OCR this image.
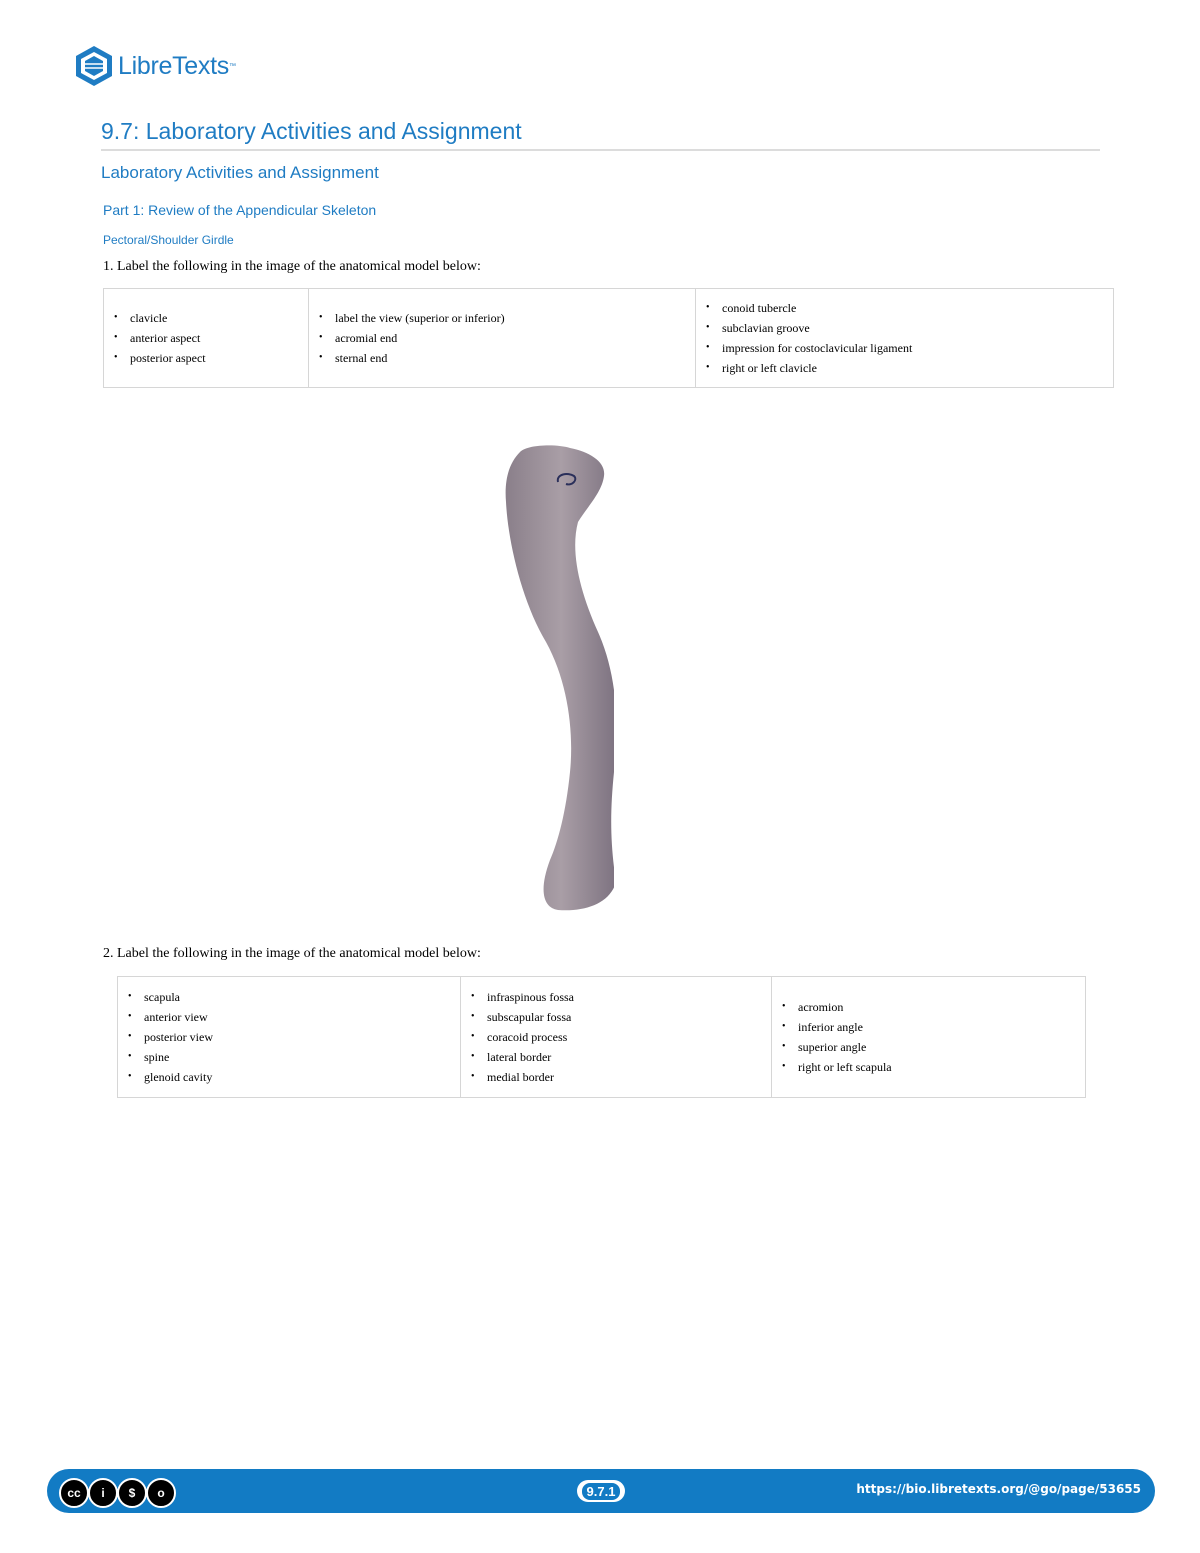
LibreTexts ™
9.7: Laboratory Activities and Assignment
Laboratory Activities and Assignment
Part 1: Review of the Appendicular Skeleton
Pectoral/Shoulder Girdle

1. Label the following in the image of the anatomical model below:

• clavicle
• anterior aspect
• posterior aspect

• label the view (superior or inferior)
• acromial end
• sternal end

• conoid tubercle
• subclavian groove
• impression for costoclavicular ligament
• right or left clavicle

2. Label the following in the image of the anatomical model below:

• scapula
• anterior view
• posterior view
• spine
• glenoid cavity

• infraspinous fossa
• subscapular fossa
• coracoid process
• lateral border
• medial border

• acromion
• inferior angle
• superior angle
• right or left scapula
cc	i	$	o	9.7.1	https://bio.libretexts.org/@go/page/53655
